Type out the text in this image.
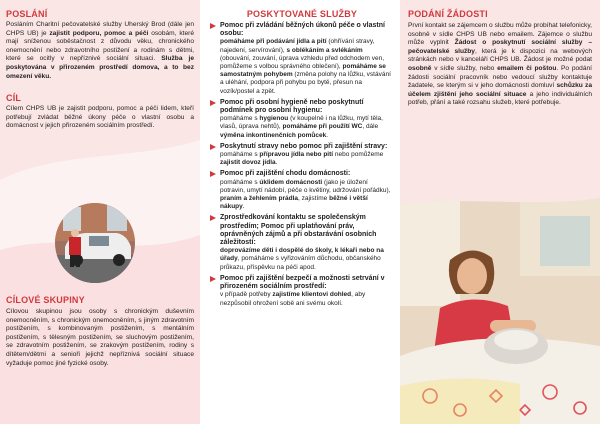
POSLÁNÍ
Posláním Charitní pečovatelské služby Uherský Brod (dále jen CHPS UB) je zajistit podporu, pomoc a péči osobám, které mají sníženou soběstačnost z důvodu věku, chronického onemocnění nebo zdravotního postižení a rodinám s dětmi, které se ocitly v nepříznivé sociální situaci. Služba je poskytována v přirozeném prostředí domova, a to bez omezení věku.
CÍL
Cílem CHPS UB je zajistit podporu, pomoc a péči lidem, kteří potřebují zvládat běžné úkony péče o vlastní osobu a domácnost v jejich přirozeném sociálním prostředí.
CÍLOVÉ SKUPINY
Cílovou skupinou jsou osoby s chronickým duševním onemocněním, s chronickým onemocněním, s jiným zdravotním postižením, s kombinovaným postižením, s mentálním postižením, s tělesným postižením, se sluchovým postižením, se zdravotním postižením, se zrakovým postižením, rodiny s dítětem/dětmi a senioři jejichž nepříznivá sociální situace vyžaduje pomoc jiné fyzické osoby.
POSKYTOVANÉ SLUŽBY
Pomoc při zvládání běžných úkonů péče o vlastní osobu:
pomáháme při podávání jídla a pití (ohřívání stravy, najedení, servírování), s oblékáním a svlékáním (obouvání, zouvání, úprava vzhledu před odchodem ven, pomůžeme s volbou správného oblečení), pomáháme se samostatným pohybem (změna polohy na lůžku, vstávání a uléhání, podpora při pohybu po bytě, přesun na vozík/postel a zpět.
Pomoc při osobní hygieně nebo poskytnutí podmínek pro osobní hygienu:
pomáháme s hygienou (v koupelně i na lůžku, mytí těla, vlasů, úprava nehtů), pomáháme při použití WC, dále výměna inkontinenčních pomůcek.
Poskytnutí stravy nebo pomoc při zajištění stravy:
pomáháme s přípravou jídla nebo pití nebo pomůžeme zajistit dovoz jídla.
Pomoc při zajištění chodu domácnosti:
pomáháme s úklidem domácnosti (jako je úložení potravin, umytí nádobí, péče o květiny, udržování pořádku), praním a žehlením prádla, zajistíme běžné i větší nákupy.
Zprostředkování kontaktu se společenským prostředím; Pomoc při uplatňování práv, oprávněných zájmů a při obstarávání osobních záležitostí:
doprovázíme děti i dospělé do školy, k lékaři nebo na úřady, pomáháme s vyřizováním důchodu, občanského průkazu, příspěvku na péči apod.
Pomoc při zajištění bezpečí a možnosti setrvání v přirozeném sociálním prostředí:
v případě potřeby zajistíme klientovi dohled, aby nezpůsobil ohrožení sobě ani svému okolí.
PODÁNÍ ŽÁDOSTI
První kontakt se zájemcem o službu může probíhat telefonicky, osobně v sídle CHPS UB nebo emailem. Zájemce o službu může vyplnit Žádost o poskytnutí sociální služby – pečovatelské služby, která je k dispozici na webových stránkách nebo v kanceláři CHPS UB. Žádost je možné podat osobně v sídle služby, nebo emailem či poštou. Po podání žádosti sociální pracovník nebo vedoucí služby kontaktuje žadatele, se kterým si v jeho domácnosti domluví schůzku za účelem zjištění jeho sociální situace a jeho individuálních potřeb, přání a také rozsahu služeb, které potřebuje.
